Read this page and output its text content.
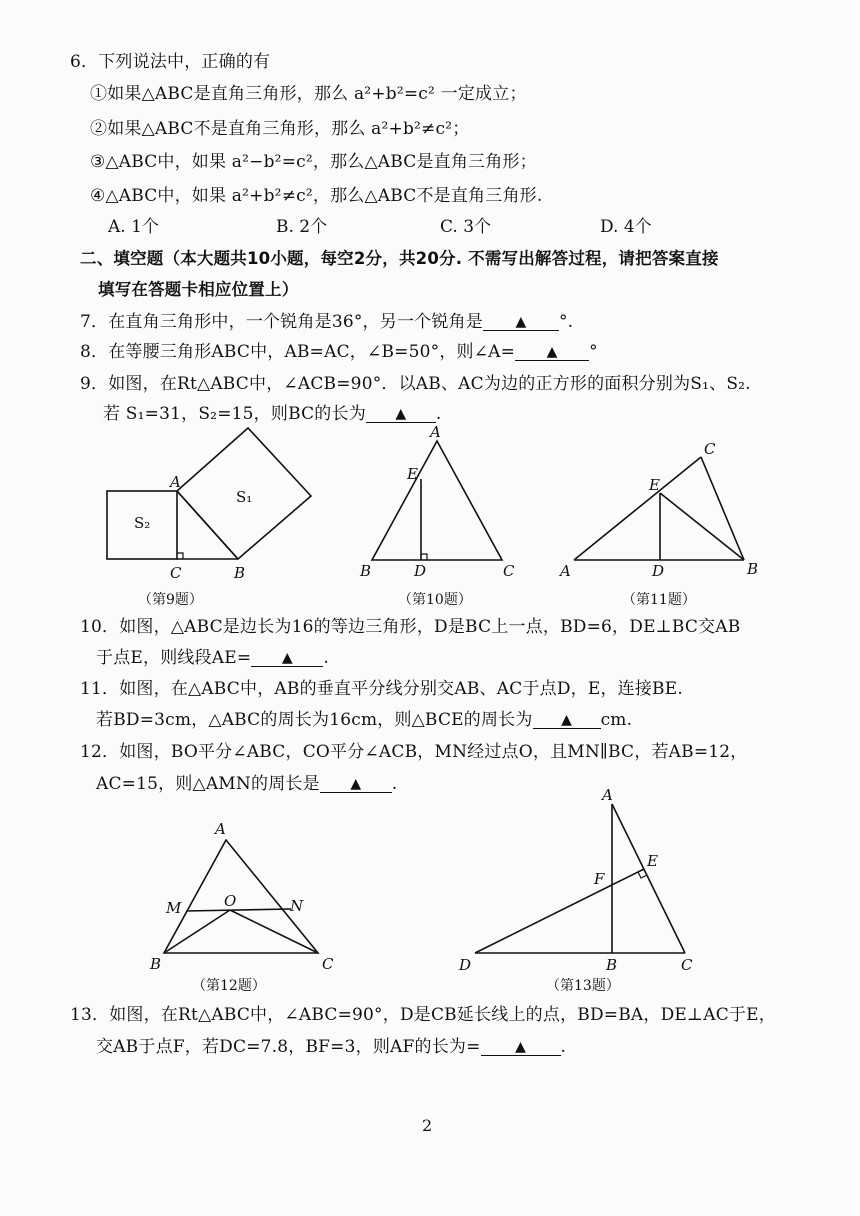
6．下列说法中，正确的有
①如果△ABC是直角三角形，那么 a²+b²=c² 一定成立；
②如果△ABC不是直角三角形，那么 a²+b²≠c²；
③△ABC中，如果 a²−b²=c²，那么△ABC是直角三角形；
④△ABC中，如果 a²+b²≠c²，那么△ABC不是直角三角形.
A. 1个	B. 2个	C. 3个	D. 4个
二、填空题（本大题共10小题，每空2分，共20分. 不需写出解答过程，请把答案直接
填写在答题卡相应位置上）
7．在直角三角形中，一个锐角是36°，另一个锐角是 ▲ °.
8．在等腰三角形ABC中，AB=AC，∠B=50°，则∠A= ▲ °
9．如图，在Rt△ABC中，∠ACB=90°．以AB、AC为边的正方形的面积分别为S₁、S₂.
若 S₁=31，S₂=15，则BC的长为 ▲ .
A
B
C
S₁
S₂
（第9题）
A
B	C
D
E
（第10题）
A	B
C
D
E
（第11题）
10．如图，△ABC是边长为16的等边三角形，D是BC上一点，BD=6，DE⊥BC交AB
于点E，则线段AE= ▲ .
11．如图，在△ABC中，AB的垂直平分线分别交AB、AC于点D，E，连接BE.
若BD=3cm，△ABC的周长为16cm，则△BCE的周长为 ▲ cm.
12．如图，BO平分∠ABC，CO平分∠ACB，MN经过点O，且MN∥BC，若AB=12，
AC=15，则△AMN的周长是 ▲ .
A
B	C
M	N
O
（第12题）
A
B	C
D
E
F
（第13题）
13．如图，在Rt△ABC中，∠ABC=90°，D是CB延长线上的点，BD=BA，DE⊥AC于E，
交AB于点F，若DC=7.8，BF=3，则AF的长为= ▲ .
2
